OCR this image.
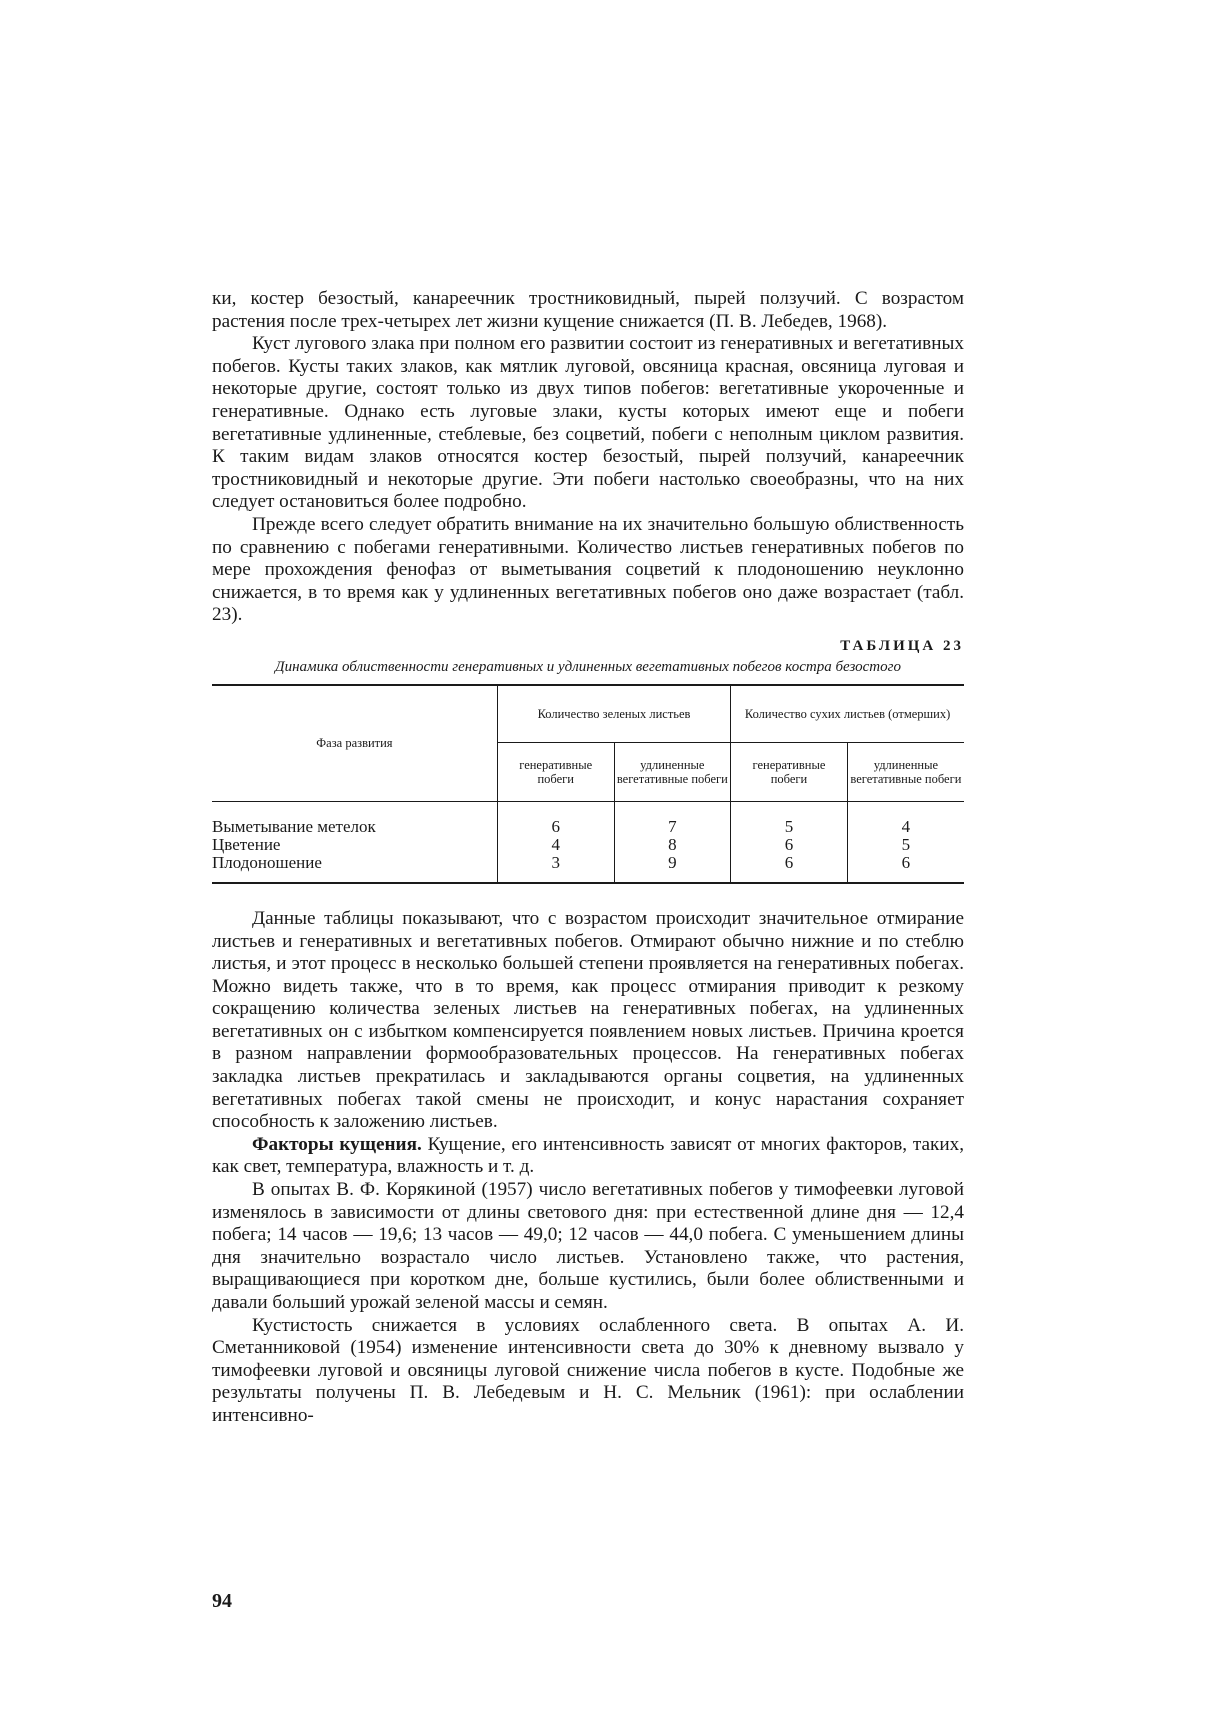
ки, костер безостый, канареечник тростниковидный, пырей ползучий. С возрастом растения после трех-четырех лет жизни кущение снижается (П. В. Лебедев, 1968).

Куст лугового злака при полном его развитии состоит из генеративных и вегетативных побегов. Кусты таких злаков, как мятлик луговой, овсяница красная, овсяница луговая и некоторые другие, состоят только из двух типов побегов: вегетативные укороченные и генеративные. Однако есть луговые злаки, кусты которых имеют еще и побеги вегетативные удлиненные, стеблевые, без соцветий, побеги с неполным циклом развития. К таким видам злаков относятся костер безостый, пырей ползучий, канареечник тростниковидный и некоторые другие. Эти побеги настолько своеобразны, что на них следует остановиться более подробно.

Прежде всего следует обратить внимание на их значительно большую облиственность по сравнению с побегами генеративными. Количество листьев генеративных побегов по мере прохождения фенофаз от выметывания соцветий к плодоношению неуклонно снижается, в то время как у удлиненных вегетативных побегов оно даже возрастает (табл. 23).

ТАБЛИЦА 23
Динамика облиственности генеративных и удлиненных вегетативных побегов костра безостого
Фаза развития	Количество зеленых листьев		Количество сухих листьев (отмерших)	
	генеративные побеги	удлиненные вегетативные побеги	генеративные побеги	удлиненные вегетативные побеги

Выметывание метелок	6	7	5	4
Цветение	4	8	6	5
Плодоношение	3	9	6	6

Данные таблицы показывают, что с возрастом происходит значительное отмирание листьев и генеративных и вегетативных побегов. Отмирают обычно нижние и по стеблю листья, и этот процесс в несколько большей степени проявляется на генеративных побегах. Можно видеть также, что в то время, как процесс отмирания приводит к резкому сокращению количества зеленых листьев на генеративных побегах, на удлиненных вегетативных он с избытком компенсируется появлением новых листьев. Причина кроется в разном направлении формообразовательных процессов. На генеративных побегах закладка листьев прекратилась и закладываются органы соцветия, на удлиненных вегетативных побегах такой смены не происходит, и конус нарастания сохраняет способность к заложению листьев.

Факторы кущения. Кущение, его интенсивность зависят от многих факторов, таких, как свет, температура, влажность и т. д.

В опытах В. Ф. Корякиной (1957) число вегетативных побегов у тимофеевки луговой изменялось в зависимости от длины светового дня: при естественной длине дня — 12,4 побега; 14 часов — 19,6; 13 часов — 49,0; 12 часов — 44,0 побега. С уменьшением длины дня значительно возрастало число листьев. Установлено также, что растения, выращивающиеся при коротком дне, больше кустились, были более облиственными и давали больший урожай зеленой массы и семян.

Кустистость снижается в условиях ослабленного света. В опытах А. И. Сметанниковой (1954) изменение интенсивности света до 30% к дневному вызвало у тимофеевки луговой и овсяницы луговой снижение числа побегов в кусте. Подобные же результаты получены П. В. Лебедевым и Н. С. Мельник (1961): при ослаблении интенсивно-

94
